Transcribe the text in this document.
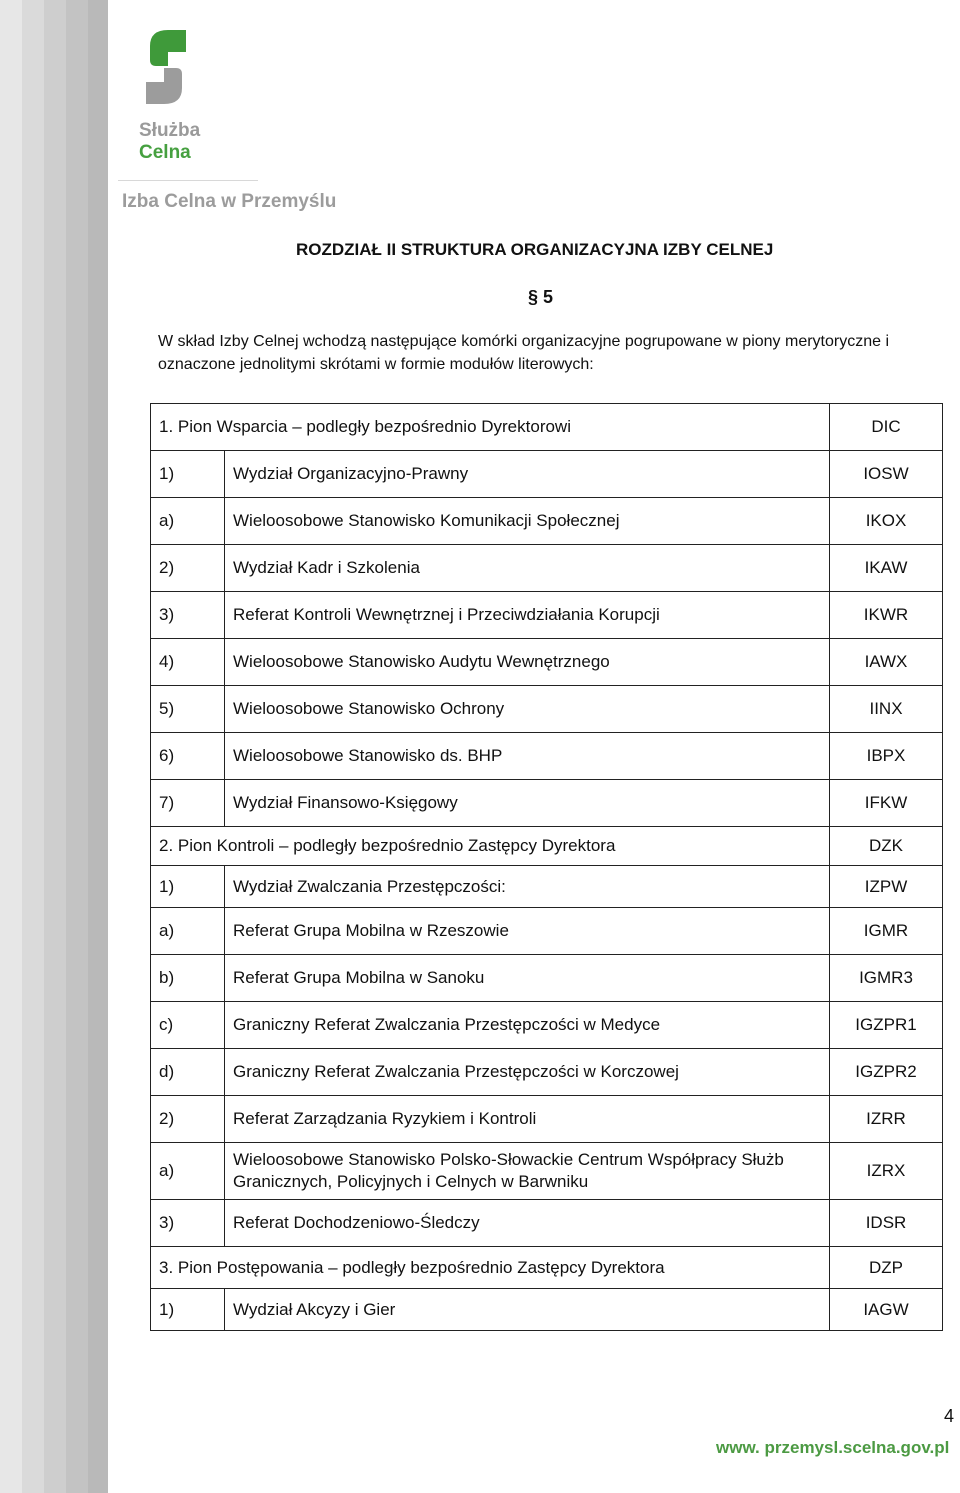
Służba
Celna
Izba Celna w Przemyślu
ROZDZIAŁ II STRUKTURA ORGANIZACYJNA IZBY CELNEJ
§ 5
W skład Izby Celnej wchodzą następujące komórki organizacyjne pogrupowane w piony merytoryczne i oznaczone jednolitymi skrótami w formie modułów literowych:
1. Pion Wsparcia – podległy bezpośrednio Dyrektorowi		DIC
1)	Wydział Organizacyjno-Prawny	IOSW
a)	Wieloosobowe Stanowisko Komunikacji Społecznej	IKOX
2)	Wydział Kadr i Szkolenia	IKAW
3)	Referat Kontroli Wewnętrznej i Przeciwdziałania Korupcji	IKWR
4)	Wieloosobowe Stanowisko Audytu Wewnętrznego	IAWX
5)	Wieloosobowe Stanowisko Ochrony	IINX
6)	Wieloosobowe Stanowisko ds. BHP	IBPX
7)	Wydział Finansowo-Księgowy	IFKW
2. Pion Kontroli – podległy bezpośrednio Zastępcy Dyrektora		DZK
1)	Wydział Zwalczania Przestępczości:	IZPW
a)	Referat Grupa Mobilna w Rzeszowie	IGMR
b)	Referat Grupa Mobilna w Sanoku	IGMR3
c)	Graniczny Referat Zwalczania Przestępczości w Medyce	IGZPR1
d)	Graniczny Referat Zwalczania Przestępczości w Korczowej	IGZPR2
2)	Referat Zarządzania Ryzykiem i Kontroli	IZRR
a)	Wieloosobowe Stanowisko Polsko-Słowackie Centrum Współpracy Służb Granicznych, Policyjnych i Celnych w Barwniku	IZRX
3)	Referat Dochodzeniowo-Śledczy	IDSR
3. Pion Postępowania – podległy bezpośrednio Zastępcy Dyrektora		DZP
1)	Wydział Akcyzy i Gier	IAGW
4
www. przemysl.scelna.gov.pl
